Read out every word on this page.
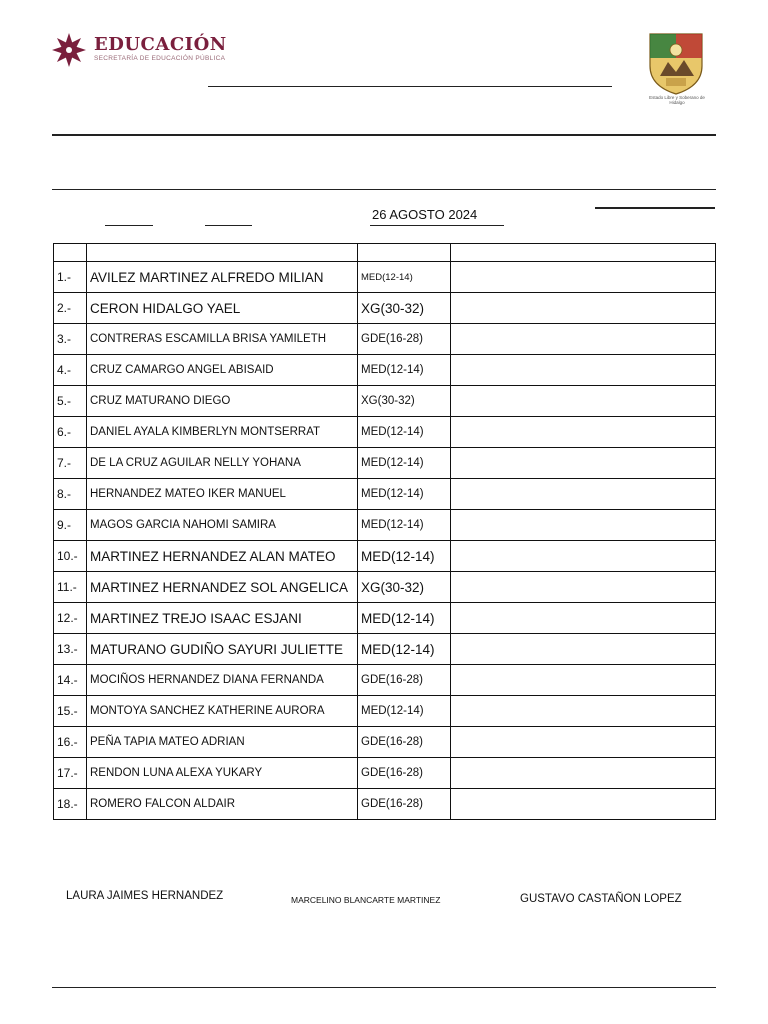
EDUCACIÓN
SECRETARÍA DE EDUCACIÓN PÚBLICA
Estado Libre y Soberano de Hidalgo
26 AGOSTO 2024

1.-	AVILEZ MARTINEZ ALFREDO MILIAN	MED(12-14)	
2.-	CERON HIDALGO YAEL	XG(30-32)	
3.-	CONTRERAS ESCAMILLA BRISA YAMILETH	GDE(16-28)	
4.-	CRUZ CAMARGO ANGEL ABISAID	MED(12-14)	
5.-	CRUZ MATURANO DIEGO	XG(30-32)	
6.-	DANIEL AYALA KIMBERLYN MONTSERRAT	MED(12-14)	
7.-	DE LA CRUZ AGUILAR NELLY YOHANA	MED(12-14)	
8.-	HERNANDEZ MATEO IKER MANUEL	MED(12-14)	
9.-	MAGOS GARCIA NAHOMI SAMIRA	MED(12-14)	
10.-	MARTINEZ HERNANDEZ ALAN MATEO	MED(12-14)	
11.-	MARTINEZ HERNANDEZ SOL ANGELICA	XG(30-32)	
12.-	MARTINEZ TREJO ISAAC ESJANI	MED(12-14)	
13.-	MATURANO GUDIÑO SAYURI JULIETTE	MED(12-14)	
14.-	MOCIÑOS HERNANDEZ DIANA FERNANDA	GDE(16-28)	
15.-	MONTOYA SANCHEZ KATHERINE AURORA	MED(12-14)	
16.-	PEÑA TAPIA MATEO ADRIAN	GDE(16-28)	
17.-	RENDON LUNA ALEXA YUKARY	GDE(16-28)	
18.-	ROMERO FALCON ALDAIR	GDE(16-28)	
LAURA JAIMES HERNANDEZ	MARCELINO BLANCARTE MARTINEZ	GUSTAVO CASTAÑON LOPEZ
